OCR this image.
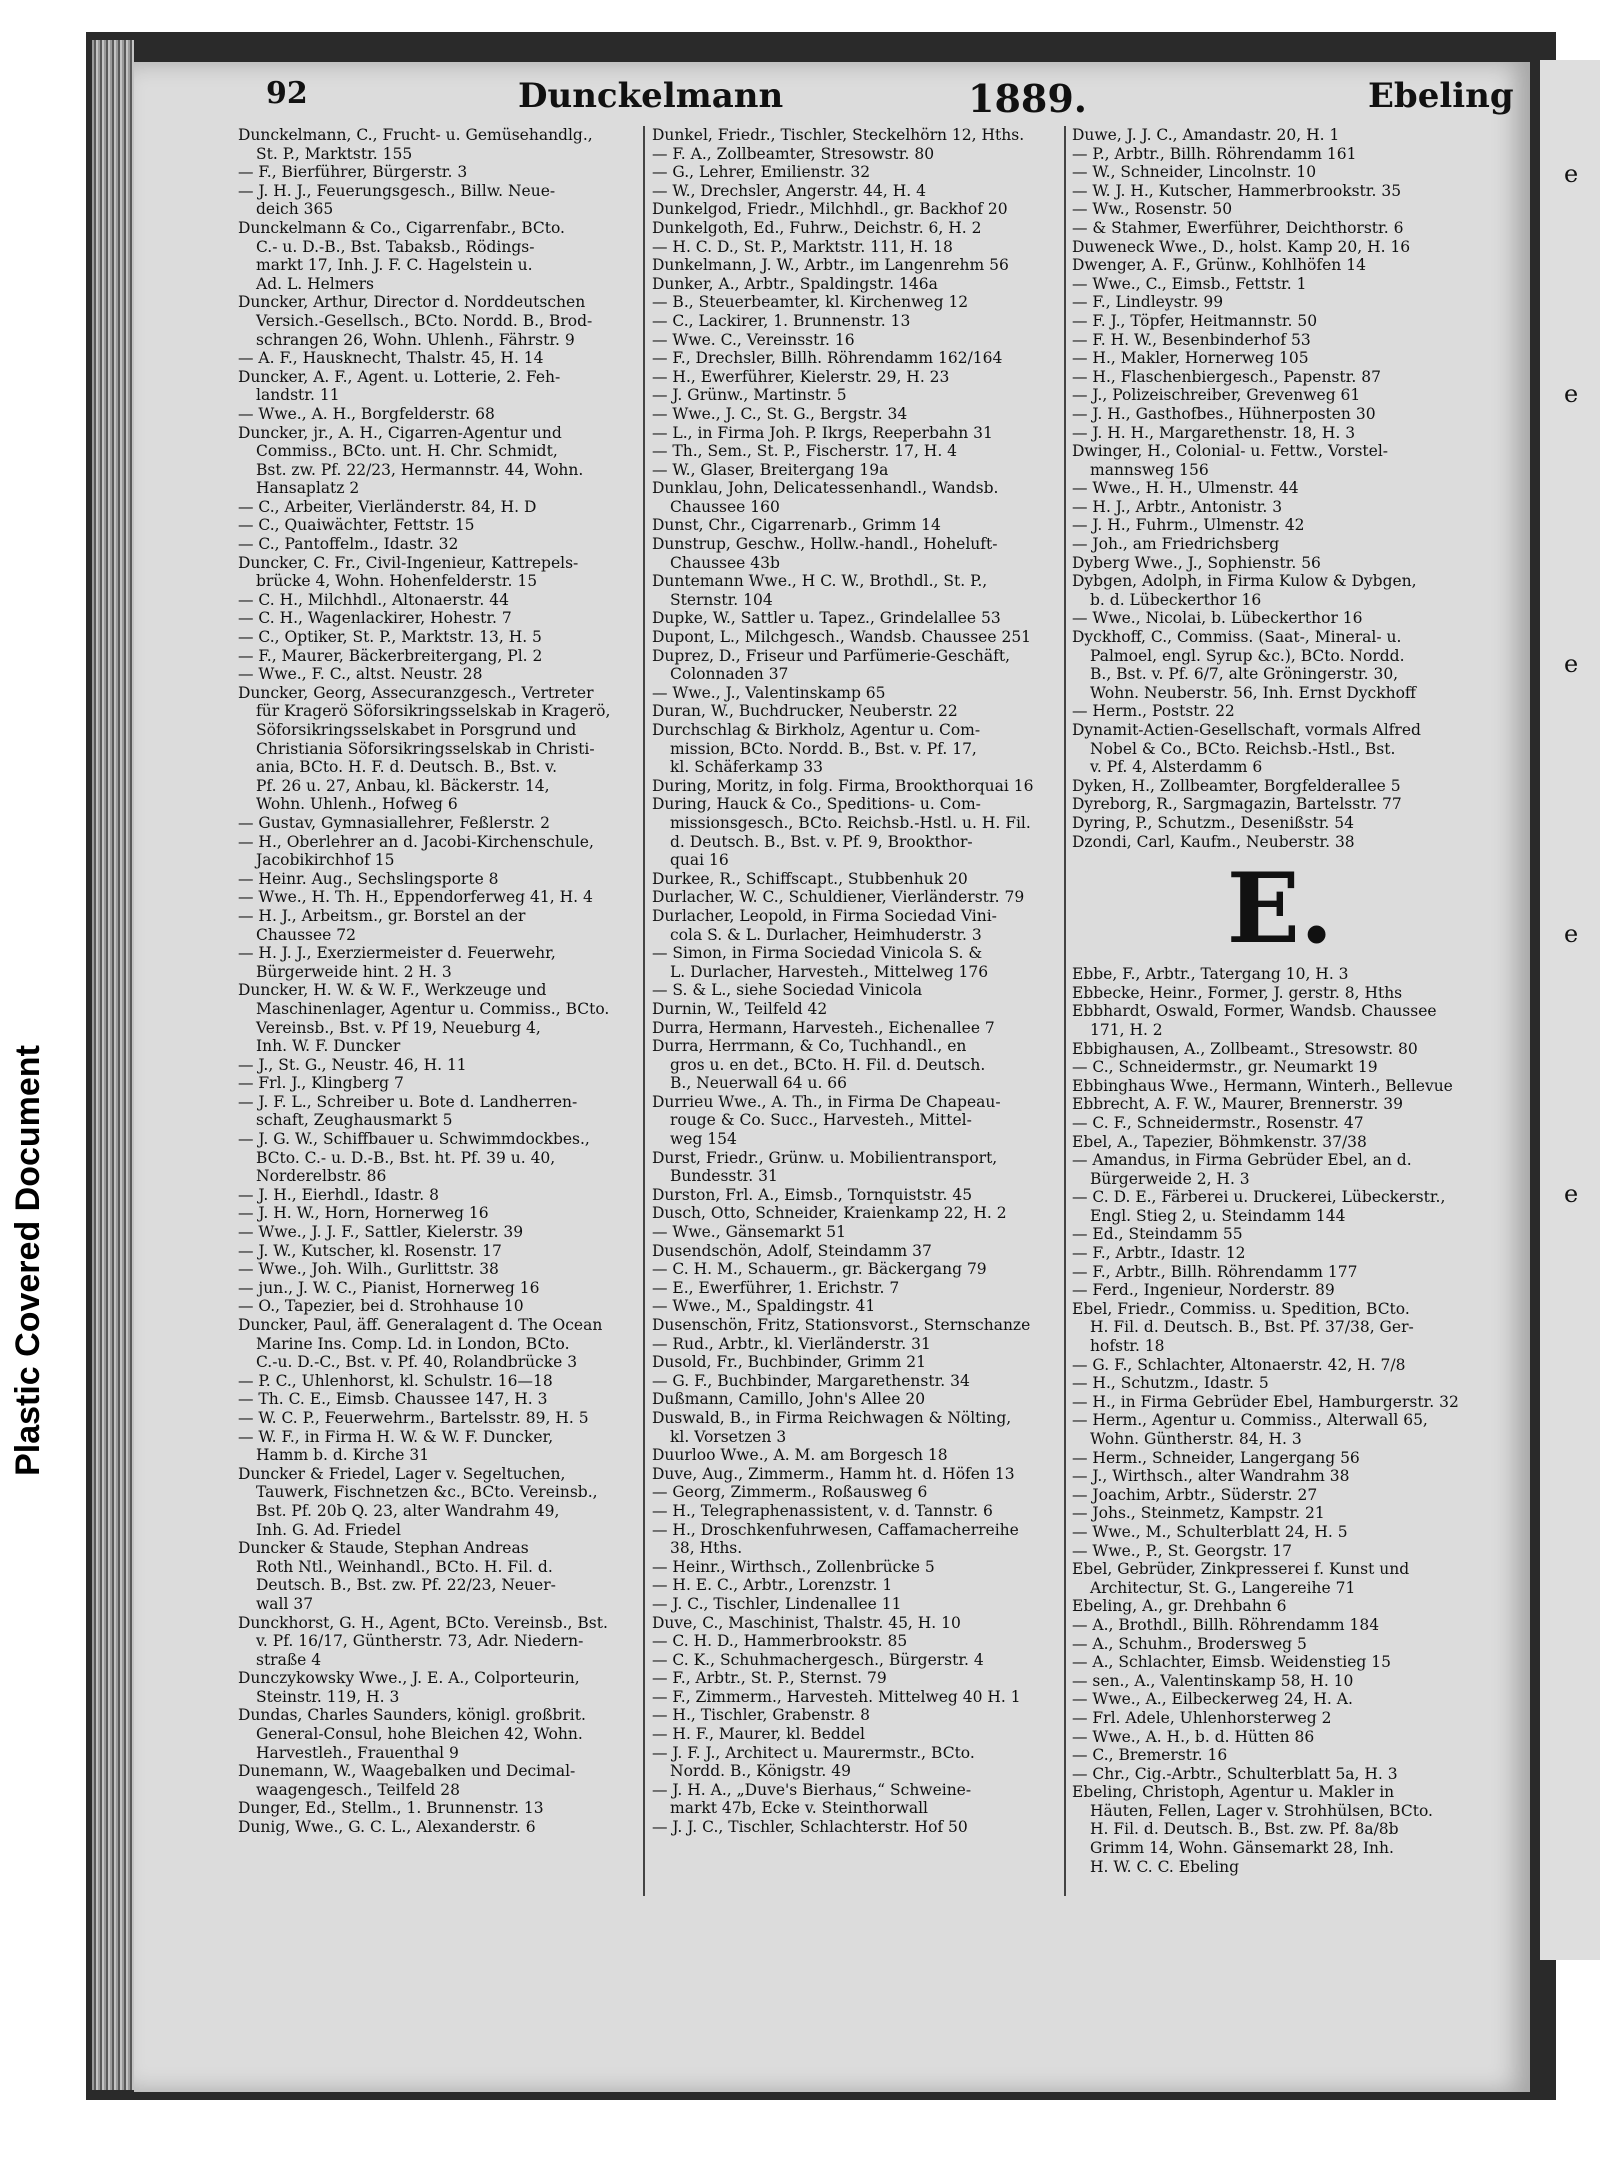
Plastic Covered Document
e
e
e
e
e
92	Dunckelmann	1889.	Ebeling
Dunckelmann, C., Frucht- u. Gemüsehandlg.,
St. P., Marktstr. 155
— F., Bierführer, Bürgerstr. 3
— J. H. J., Feuerungsgesch., Billw. Neue-
deich 365
Dunckelmann & Co., Cigarrenfabr., BCto.
C.- u. D.-B., Bst. Tabaksb., Rödings-
markt 17, Inh. J. F. C. Hagelstein u.
Ad. L. Helmers
Duncker, Arthur, Director d. Norddeutschen
Versich.-Gesellsch., BCto. Nordd. B., Brod-
schrangen 26, Wohn. Uhlenh., Fährstr. 9
— A. F., Hausknecht, Thalstr. 45, H. 14
Duncker, A. F., Agent. u. Lotterie, 2. Feh-
landstr. 11
— Wwe., A. H., Borgfelderstr. 68
Duncker, jr., A. H., Cigarren-Agentur und
Commiss., BCto. unt. H. Chr. Schmidt,
Bst. zw. Pf. 22/23, Hermannstr. 44, Wohn.
Hansaplatz 2
— C., Arbeiter, Vierländerstr. 84, H. D
— C., Quaiwächter, Fettstr. 15
— C., Pantoffelm., Idastr. 32
Duncker, C. Fr., Civil-Ingenieur, Kattrepels-
brücke 4, Wohn. Hohenfelderstr. 15
— C. H., Milchhdl., Altonaerstr. 44
— C. H., Wagenlackirer, Hohestr. 7
— C., Optiker, St. P., Marktstr. 13, H. 5
— F., Maurer, Bäckerbreitergang, Pl. 2
— Wwe., F. C., altst. Neustr. 28
Duncker, Georg, Assecuranzgesch., Vertreter
für Kragerö Söforsikringsselskab in Kragerö,
Söforsikringsselskabet in Porsgrund und
Christiania Söforsikringsselskab in Christi-
ania, BCto. H. F. d. Deutsch. B., Bst. v.
Pf. 26 u. 27, Anbau, kl. Bäckerstr. 14,
Wohn. Uhlenh., Hofweg 6
— Gustav, Gymnasiallehrer, Feßlerstr. 2
— H., Oberlehrer an d. Jacobi-Kirchenschule,
Jacobikirchhof 15
— Heinr. Aug., Sechslingsporte 8
— Wwe., H. Th. H., Eppendorferweg 41, H. 4
— H. J., Arbeitsm., gr. Borstel an der
Chaussee 72
— H. J. J., Exerziermeister d. Feuerwehr,
Bürgerweide hint. 2 H. 3
Duncker, H. W. & W. F., Werkzeuge und
Maschinenlager, Agentur u. Commiss., BCto.
Vereinsb., Bst. v. Pf 19, Neueburg 4,
Inh. W. F. Duncker
— J., St. G., Neustr. 46, H. 11
— Frl. J., Klingberg 7
— J. F. L., Schreiber u. Bote d. Landherren-
schaft, Zeughausmarkt 5
— J. G. W., Schiffbauer u. Schwimmdockbes.,
BCto. C.- u. D.-B., Bst. ht. Pf. 39 u. 40,
Norderelbstr. 86
— J. H., Eierhdl., Idastr. 8
— J. H. W., Horn, Hornerweg 16
— Wwe., J. J. F., Sattler, Kielerstr. 39
— J. W., Kutscher, kl. Rosenstr. 17
— Wwe., Joh. Wilh., Gurlittstr. 38
— jun., J. W. C., Pianist, Hornerweg 16
— O., Tapezier, bei d. Strohhause 10
Duncker, Paul, äff. Generalagent d. The Ocean
Marine Ins. Comp. Ld. in London, BCto.
C.-u. D.-C., Bst. v. Pf. 40, Rolandbrücke 3
— P. C., Uhlenhorst, kl. Schulstr. 16—18
— Th. C. E., Eimsb. Chaussee 147, H. 3
— W. C. P., Feuerwehrm., Bartelsstr. 89, H. 5
— W. F., in Firma H. W. & W. F. Duncker,
Hamm b. d. Kirche 31
Duncker & Friedel, Lager v. Segeltuchen,
Tauwerk, Fischnetzen &c., BCto. Vereinsb.,
Bst. Pf. 20b Q. 23, alter Wandrahm 49,
Inh. G. Ad. Friedel
Duncker & Staude, Stephan Andreas
Roth Ntl., Weinhandl., BCto. H. Fil. d.
Deutsch. B., Bst. zw. Pf. 22/23, Neuer-
wall 37
Dunckhorst, G. H., Agent, BCto. Vereinsb., Bst.
v. Pf. 16/17, Güntherstr. 73, Adr. Niedern-
straße 4
Dunczykowsky Wwe., J. E. A., Colporteurin,
Steinstr. 119, H. 3
Dundas, Charles Saunders, königl. großbrit.
General-Consul, hohe Bleichen 42, Wohn.
Harvestleh., Frauenthal 9
Dunemann, W., Waagebalken und Decimal-
waagengesch., Teilfeld 28
Dunger, Ed., Stellm., 1. Brunnenstr. 13
Dunig, Wwe., G. C. L., Alexanderstr. 6
Dunkel, Friedr., Tischler, Steckelhörn 12, Hths.
— F. A., Zollbeamter, Stresowstr. 80
— G., Lehrer, Emilienstr. 32
— W., Drechsler, Angerstr. 44, H. 4
Dunkelgod, Friedr., Milchhdl., gr. Backhof 20
Dunkelgoth, Ed., Fuhrw., Deichstr. 6, H. 2
— H. C. D., St. P., Marktstr. 111, H. 18
Dunkelmann, J. W., Arbtr., im Langenrehm 56
Dunker, A., Arbtr., Spaldingstr. 146a
— B., Steuerbeamter, kl. Kirchenweg 12
— C., Lackirer, 1. Brunnenstr. 13
— Wwe. C., Vereinsstr. 16
— F., Drechsler, Billh. Röhrendamm 162/164
— H., Ewerführer, Kielerstr. 29, H. 23
— J. Grünw., Martinstr. 5
— Wwe., J. C., St. G., Bergstr. 34
— L., in Firma Joh. P. Ikrgs, Reeperbahn 31
— Th., Sem., St. P., Fischerstr. 17, H. 4
— W., Glaser, Breitergang 19a
Dunklau, John, Delicatessenhandl., Wandsb.
Chaussee 160
Dunst, Chr., Cigarrenarb., Grimm 14
Dunstrup, Geschw., Hollw.-handl., Hoheluft-
Chaussee 43b
Duntemann Wwe., H C. W., Brothdl., St. P.,
Sternstr. 104
Dupke, W., Sattler u. Tapez., Grindelallee 53
Dupont, L., Milchgesch., Wandsb. Chaussee 251
Duprez, D., Friseur und Parfümerie-Geschäft,
Colonnaden 37
— Wwe., J., Valentinskamp 65
Duran, W., Buchdrucker, Neuberstr. 22
Durchschlag & Birkholz, Agentur u. Com-
mission, BCto. Nordd. B., Bst. v. Pf. 17,
kl. Schäferkamp 33
During, Moritz, in folg. Firma, Brookthorquai 16
During, Hauck & Co., Speditions- u. Com-
missionsgesch., BCto. Reichsb.-Hstl. u. H. Fil.
d. Deutsch. B., Bst. v. Pf. 9, Brookthor-
quai 16
Durkee, R., Schiffscapt., Stubbenhuk 20
Durlacher, W. C., Schuldiener, Vierländerstr. 79
Durlacher, Leopold, in Firma Sociedad Vini-
cola S. & L. Durlacher, Heimhuderstr. 3
— Simon, in Firma Sociedad Vinicola S. &
L. Durlacher, Harvesteh., Mittelweg 176
— S. & L., siehe Sociedad Vinicola
Durnin, W., Teilfeld 42
Durra, Hermann, Harvesteh., Eichenallee 7
Durra, Herrmann, & Co, Tuchhandl., en
gros u. en det., BCto. H. Fil. d. Deutsch.
B., Neuerwall 64 u. 66
Durrieu Wwe., A. Th., in Firma De Chapeau-
rouge & Co. Succ., Harvesteh., Mittel-
weg 154
Durst, Friedr., Grünw. u. Mobilientransport,
Bundesstr. 31
Durston, Frl. A., Eimsb., Tornquiststr. 45
Dusch, Otto, Schneider, Kraienkamp 22, H. 2
— Wwe., Gänsemarkt 51
Dusendschön, Adolf, Steindamm 37
— C. H. M., Schauerm., gr. Bäckergang 79
— E., Ewerführer, 1. Erichstr. 7
— Wwe., M., Spaldingstr. 41
Dusenschön, Fritz, Stationsvorst., Sternschanze
— Rud., Arbtr., kl. Vierländerstr. 31
Dusold, Fr., Buchbinder, Grimm 21
— G. F., Buchbinder, Margarethenstr. 34
Dußmann, Camillo, John's Allee 20
Duswald, B., in Firma Reichwagen & Nölting,
kl. Vorsetzen 3
Duurloo Wwe., A. M. am Borgesch 18
Duve, Aug., Zimmerm., Hamm ht. d. Höfen 13
— Georg, Zimmerm., Roßausweg 6
— H., Telegraphenassistent, v. d. Tannstr. 6
— H., Droschkenfuhrwesen, Caffamacherreihe
38, Hths.
— Heinr., Wirthsch., Zollenbrücke 5
— H. E. C., Arbtr., Lorenzstr. 1
— J. C., Tischler, Lindenallee 11
Duve, C., Maschinist, Thalstr. 45, H. 10
— C. H. D., Hammerbrookstr. 85
— C. K., Schuhmachergesch., Bürgerstr. 4
— F., Arbtr., St. P., Sternst. 79
— F., Zimmerm., Harvesteh. Mittelweg 40 H. 1
— H., Tischler, Grabenstr. 8
— H. F., Maurer, kl. Beddel
— J. F. J., Architect u. Maurermstr., BCto.
Nordd. B., Königstr. 49
— J. H. A., „Duve's Bierhaus,“ Schweine-
markt 47b, Ecke v. Steinthorwall
— J. J. C., Tischler, Schlachterstr. Hof 50
Duwe, J. J. C., Amandastr. 20, H. 1
— P., Arbtr., Billh. Röhrendamm 161
— W., Schneider, Lincolnstr. 10
— W. J. H., Kutscher, Hammerbrookstr. 35
— Ww., Rosenstr. 50
— & Stahmer, Ewerführer, Deichthorstr. 6
Duweneck Wwe., D., holst. Kamp 20, H. 16
Dwenger, A. F., Grünw., Kohlhöfen 14
— Wwe., C., Eimsb., Fettstr. 1
— F., Lindleystr. 99
— F. J., Töpfer, Heitmannstr. 50
— F. H. W., Besenbinderhof 53
— H., Makler, Hornerweg 105
— H., Flaschenbiergesch., Papenstr. 87
— J., Polizeischreiber, Grevenweg 61
— J. H., Gasthofbes., Hühnerposten 30
— J. H. H., Margarethenstr. 18, H. 3
Dwinger, H., Colonial- u. Fettw., Vorstel-
mannsweg 156
— Wwe., H. H., Ulmenstr. 44
— H. J., Arbtr., Antonistr. 3
— J. H., Fuhrm., Ulmenstr. 42
— Joh., am Friedrichsberg
Dyberg Wwe., J., Sophienstr. 56
Dybgen, Adolph, in Firma Kulow & Dybgen,
b. d. Lübeckerthor 16
— Wwe., Nicolai, b. Lübeckerthor 16
Dyckhoff, C., Commiss. (Saat-, Mineral- u.
Palmoel, engl. Syrup &c.), BCto. Nordd.
B., Bst. v. Pf. 6/7, alte Gröningerstr. 30,
Wohn. Neuberstr. 56, Inh. Ernst Dyckhoff
— Herm., Poststr. 22
Dynamit-Actien-Gesellschaft, vormals Alfred
Nobel & Co., BCto. Reichsb.-Hstl., Bst.
v. Pf. 4, Alsterdamm 6
Dyken, H., Zollbeamter, Borgfelderallee 5
Dyreborg, R., Sargmagazin, Bartelsstr. 77
Dyring, P., Schutzm., Desenißstr. 54
Dzondi, Carl, Kaufm., Neuberstr. 38
E.
Ebbe, F., Arbtr., Tatergang 10, H. 3
Ebbecke, Heinr., Former, J. gerstr. 8, Hths
Ebbhardt, Oswald, Former, Wandsb. Chaussee
171, H. 2
Ebbighausen, A., Zollbeamt., Stresowstr. 80
— C., Schneidermstr., gr. Neumarkt 19
Ebbinghaus Wwe., Hermann, Winterh., Bellevue
Ebbrecht, A. F. W., Maurer, Brennerstr. 39
— C. F., Schneidermstr., Rosenstr. 47
Ebel, A., Tapezier, Böhmkenstr. 37/38
— Amandus, in Firma Gebrüder Ebel, an d.
Bürgerweide 2, H. 3
— C. D. E., Färberei u. Druckerei, Lübeckerstr.,
Engl. Stieg 2, u. Steindamm 144
— Ed., Steindamm 55
— F., Arbtr., Idastr. 12
— F., Arbtr., Billh. Röhrendamm 177
— Ferd., Ingenieur, Norderstr. 89
Ebel, Friedr., Commiss. u. Spedition, BCto.
H. Fil. d. Deutsch. B., Bst. Pf. 37/38, Ger-
hofstr. 18
— G. F., Schlachter, Altonaerstr. 42, H. 7/8
— H., Schutzm., Idastr. 5
— H., in Firma Gebrüder Ebel, Hamburgerstr. 32
— Herm., Agentur u. Commiss., Alterwall 65,
Wohn. Güntherstr. 84, H. 3
— Herm., Schneider, Langergang 56
— J., Wirthsch., alter Wandrahm 38
— Joachim, Arbtr., Süderstr. 27
— Johs., Steinmetz, Kampstr. 21
— Wwe., M., Schulterblatt 24, H. 5
— Wwe., P., St. Georgstr. 17
Ebel, Gebrüder, Zinkpresserei f. Kunst und
Architectur, St. G., Langereihe 71
Ebeling, A., gr. Drehbahn 6
— A., Brothdl., Billh. Röhrendamm 184
— A., Schuhm., Brodersweg 5
— A., Schlachter, Eimsb. Weidenstieg 15
— sen., A., Valentinskamp 58, H. 10
— Wwe., A., Eilbeckerweg 24, H. A.
— Frl. Adele, Uhlenhorsterweg 2
— Wwe., A. H., b. d. Hütten 86
— C., Bremerstr. 16
— Chr., Cig.-Arbtr., Schulterblatt 5a, H. 3
Ebeling, Christoph, Agentur u. Makler in
Häuten, Fellen, Lager v. Strohhülsen, BCto.
H. Fil. d. Deutsch. B., Bst. zw. Pf. 8a/8b
Grimm 14, Wohn. Gänsemarkt 28, Inh.
H. W. C. C. Ebeling
